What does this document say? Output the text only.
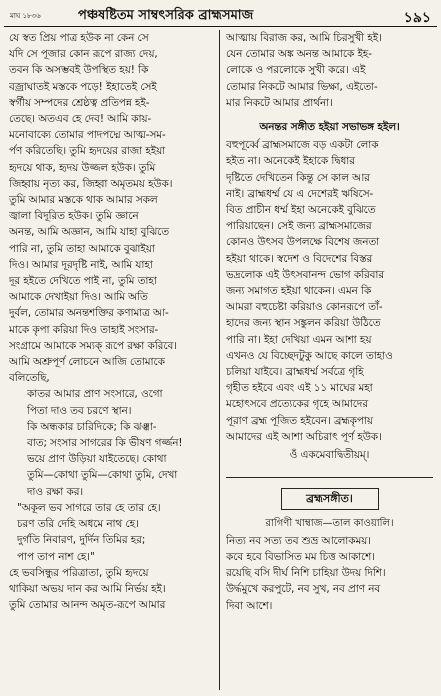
মাঘ ১৮৩৬	পঞ্চষষ্টিতম সাম্বৎসরিক ব্রাহ্মসমাজ	১৯১
যে স্বত প্রিয় পাত্র হউক না কেন সে
যদি সে পূজার কোন রূপে রাজ্য দেয়,
তবন কি অসম্ভবই উপস্থিত হয়! কি
বজ্রাঘাতই মস্তকে পড়ে! ইহাতেই সেই
স্বর্গীয় সম্পদের শ্রেষ্ঠত্ব প্রতিপন্ন হই-
তেছে। অতএব হে দেব! আমি কায়-
মনোবাক্যে তোমার পাদপদ্মে আত্ম-সম-
র্পণ করিতেছি। তুমি হৃদয়ের রাজা হইয়া
হৃদয়ে থাক, হৃদয় উজ্জল হউক। তুমি
জিহ্বায় নৃত্য কর, জিহ্বা অমৃতময় হউক।
তুমি আমার মস্তকে থাক আমার সকল
জ্বালা বিদূরিত হউক। তুমি জ্ঞানে
অনন্ত, আমি অজ্ঞান, আমি যাহা বুঝিতে
পারি না, তুমি তাহা আমাকে বুঝাইয়া
দিও। আমার দূরদৃষ্টি নাই, আমি যাহা
দূর হইতে দেখিতে পাই না, তুমি তাহা
আমাকে দেখাইয়া দিও। আমি অতি
দুর্বল, তোমার অনন্তশক্তির কণামাত্র আ-
মাকে কৃপা করিয়া দিও তাহাই সংসার-
সংগ্রামে আমাকে সম্যক্ রূপে রক্ষা করিবে।
আমি অশ্রুপূর্ণ লোচনে আজি তোমাকে
বলিতেছি,
কাতর আমার প্রাণ সংসারে, ওগো
পিতা দাও তব চরণে স্থান।
কি অন্ধকার চারিদিকে; কি ঝঞ্ঝা-
বাত; সংসার সাগরের কি ভীষণ গর্জ্জন!
ভয়ে প্রাণ উড়িয়া যাইতেছে। কোথা
তুমি—কোথা তুমি—কোথা তুমি, দেখা
দাও রক্ষা কর।
"অকূল ভব সাগরে তার হে তার হে।
চরণ তরি দেহি অধমে নাথ হে।
দুর্গতি নিবারণ, দুর্দিন তিমির হর;
পাপ তাপ নাশ হে।"
হে ভবসিন্ধুর পরিত্রাতা, তুমি হৃদয়ে
থাকিয়া অভয় দান কর আমি নির্ভয় হই।
তুমি তোমার আনন্দ অমৃত-রূপে আমার
আত্মায় বিরাজ কর, আমি চিরসুখী হই।
যেন তোমার অঙ্ক অনন্ত আমাকে ইহ-
লোকে ও পরলোকে সুখী করে। এই
তোমার নিকটে আমার ভিক্ষা, এইতো-
মার নিকটে আমার প্রার্থনা।
অনন্তর সঙ্গীত হইয়া সভাভঙ্গ হইল।
বহুপূর্ব্বে ব্রাহ্মসমাজে বড় একটা লোক
হইত না। অনেকেই ইহাকে দ্বিধার
দৃষ্টিতে দেখিতেন কিন্তু সে কাল আর
নাই। ব্রাহ্মধর্ম্ম যে এ দেশেরই ঋষিসে-
বিত প্রাচীন ধর্ম্ম ইহা অনেকেই বুঝিতে
পারিয়াছেন। সেই জন্য ব্রাহ্মসমাজের
কোনও উৎসব উপলক্ষে বিশেষ জনতা
হইয়া থাকে। স্বদেশ ও বিদেশের বিস্তর
ভদ্রলোক এই উৎসবানন্দ ভোগ করিবার
জন্য সমাগত হইয়া থাকেন। এমন কি
আমরা বহুচেষ্টা করিয়াও কোনরূপে তাঁ-
হাদের জন্য স্থান সঙ্কুলন করিয়া উঠিতে
পারি না। ইহা দেখিয়া এমন আশা হয়
এখনও যে বিচ্ছেদটুকু আছে কালে তাহাও
চলিয়া যাইবে। ব্রাহ্মধর্ম্ম সর্বত্রে গৃহি
গৃহীত হইবে এবং এই ১১ মাঘের মহা
মহোৎসবে প্রত্যেকের গৃহে আমাদের
পূরাণ ব্রহ্ম পূজিত হইবেন। ব্রহ্মকৃপায়
আমাদের এই আশা অচিরাৎ পূর্ণ হউক।
ওঁ একমেবাদ্বিতীয়ম্।
ব্রহ্মসঙ্গীত।
রাগিণী খাম্বাজ—তাল কাওয়ালি।
নিত্য নব সত্য তব শুভ্র আলোকময়।
কবে হবে বিভাসিত মম চিত্ত আকাশে।
রয়েছি বসি দীর্ঘ নিশি চাহিয়া উদয় দিশি।
উর্দ্ধমুখে করপুটে, নব সুখ, নব প্রাণ নব
দিবা আশে।
